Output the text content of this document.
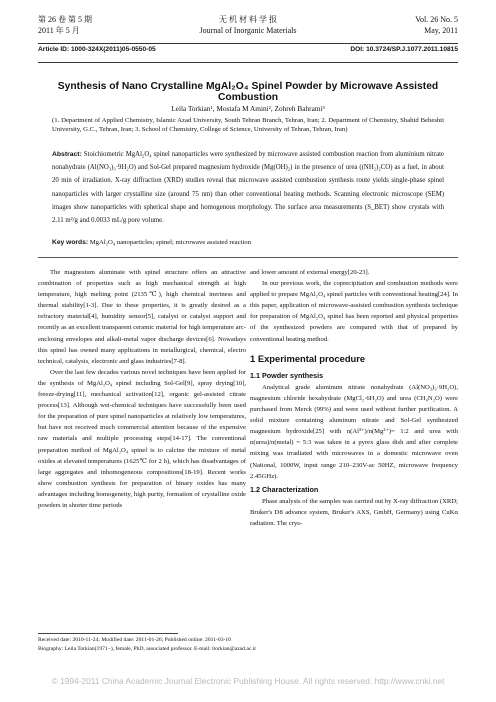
第 26 卷 第 5 期
2011 年 5 月
无 机 材 料 学 报
Journal of Inorganic Materials
Vol. 26 No. 5
May, 2011
Article ID: 1000-324X(2011)05-0550-05	DOI: 10.3724/SP.J.1077.2011.10815
Synthesis of Nano Crystalline MgAl₂O₄ Spinel Powder by Microwave Assisted Combustion
Leila Torkian¹, Mostafa M Amini², Zohreh Bahrami³
(1. Department of Applied Chemistry, Islamic Azad University, South Tehran Branch, Tehran, Iran; 2. Department of Chemistry, Shahid Beheshti University, G.C., Tehran, Iran; 3. School of Chemistry, College of Science, University of Tehran, Tehran, Iran)
Abstract: Stoichiometric MgAl₂O₄ spinel nanoparticles were synthesized by microwave assisted combustion reaction from aluminium nitrate nonahydrate (Al(NO₃)₃·9H₂O) and Sol-Gel prepared magnesium hydroxide (Mg(OH)₂) in the presence of urea ((NH₂)₂CO) as a fuel, in about 20 min of irradiation. X-ray diffraction (XRD) studies reveal that microwave assisted combustion synthesis route yields single-phase spinel nanoparticles with larger crystalline size (around 75 nm) than other conventional heating methods. Scanning electronic microscope (SEM) images show nanoparticles with spherical shape and homogenous morphology. The surface area measurements (S_BET) show crystals with 2.11 m²/g and 0.0033 mL/g pore volume.
Key words: MgAl₂O₄ nanoparticles; spinel; microwave assisted reaction

The magnesium aluminate with spinel structure offers an attractive combination of properties such as high mechanical strength at high temperature, high melting point (2135℃), high chemical inertness and thermal stability[1-3]. Due to these properties, it is greatly desired as a refractory material[4], humidity sensor[5], catalyst or catalyst support and recently as an excellent transparent ceramic material for high temperature arc-enclosing envelopes and alkali-metal vapor discharge devices[6]. Nowadays this spinel has owned many applications in metallurgical, chemical, electro technical, catalysis, electronic and glass industries[7-8].

Over the last few decades various novel techniques have been applied for the synthesis of MgAl₂O₄ spinel including Sol-Gel[9], spray drying[10], freeze-drying[11], mechanical activation[12], organic gel-assisted citrate process[13]. Although wet-chemical techniques have successfully been used for the preparation of pure spinel nanoparticles at relatively low temperatures, but have not received much commercial attention because of the expensive raw materials and multiple processing steps[14-17]. The conventional preparation method of MgAl₂O₄ spinel is to calcine the mixture of metal oxides at elevated temperatures (1625℃ for 2 h), which has disadvantages of large aggregates and inhomogeneous compositions[18-19]. Recent works show combustion synthesis for preparation of binary oxides has many advantages including homogeneity, high purity, formation of crystalline oxide powders in shorter time periods

and lower amount of external energy[20-23].

In our previous work, the coprecipitation and combustion methods were applied to prepare MgAl₂O₄ spinel particles with conventional heating[24]. In this paper, application of microwave-assisted combustion synthesis technique for preparation of MgAl₂O₄ spinel has been reported and physical properties of the synthesized powders are compared with that of prepared by conventional heating method.

1 Experimental procedure
1.1 Powder synthesis

Analytical grade aluminum nitrate nonahydrate (Al(NO₃)₃·9H₂O), magnesium chloride hexahydrate (MgCl₂·6H₂O) and urea (CH₄N₂O) were purchased from Merck (99%) and were used without further purification. A solid mixture containing aluminum nitrate and Sol-Gel synthesized magnesium hydroxide[25] with n(Al³⁺)/n(Mg²⁺)= 1:2 and urea with n(urea)/n(metal) = 5:3 was taken in a pyrex glass dish and after complete mixing was irradiated with microwaves in a domestic microwave oven (National, 1000W, input range 210–230V-ac 50HZ, microwave frequency 2.45GHz).

1.2 Characterization

Phase analysis of the samples was carried out by X-ray diffraction (XRD; Bruker's D8 advance system, Bruker's AXS, GmbH, Germany) using CuKα radiation. The crys-

Received date: 2010-11-24; Modified date: 2011-01-26; Published online: 2011-03-10
Biography: Leila Torkian(1971−), female, PhD, associated professor. E-mail: ltorkian@azad.ac.ir
© 1994-2011 China Academic Journal Electronic Publishing House. All rights reserved. http://www.cnki.net
